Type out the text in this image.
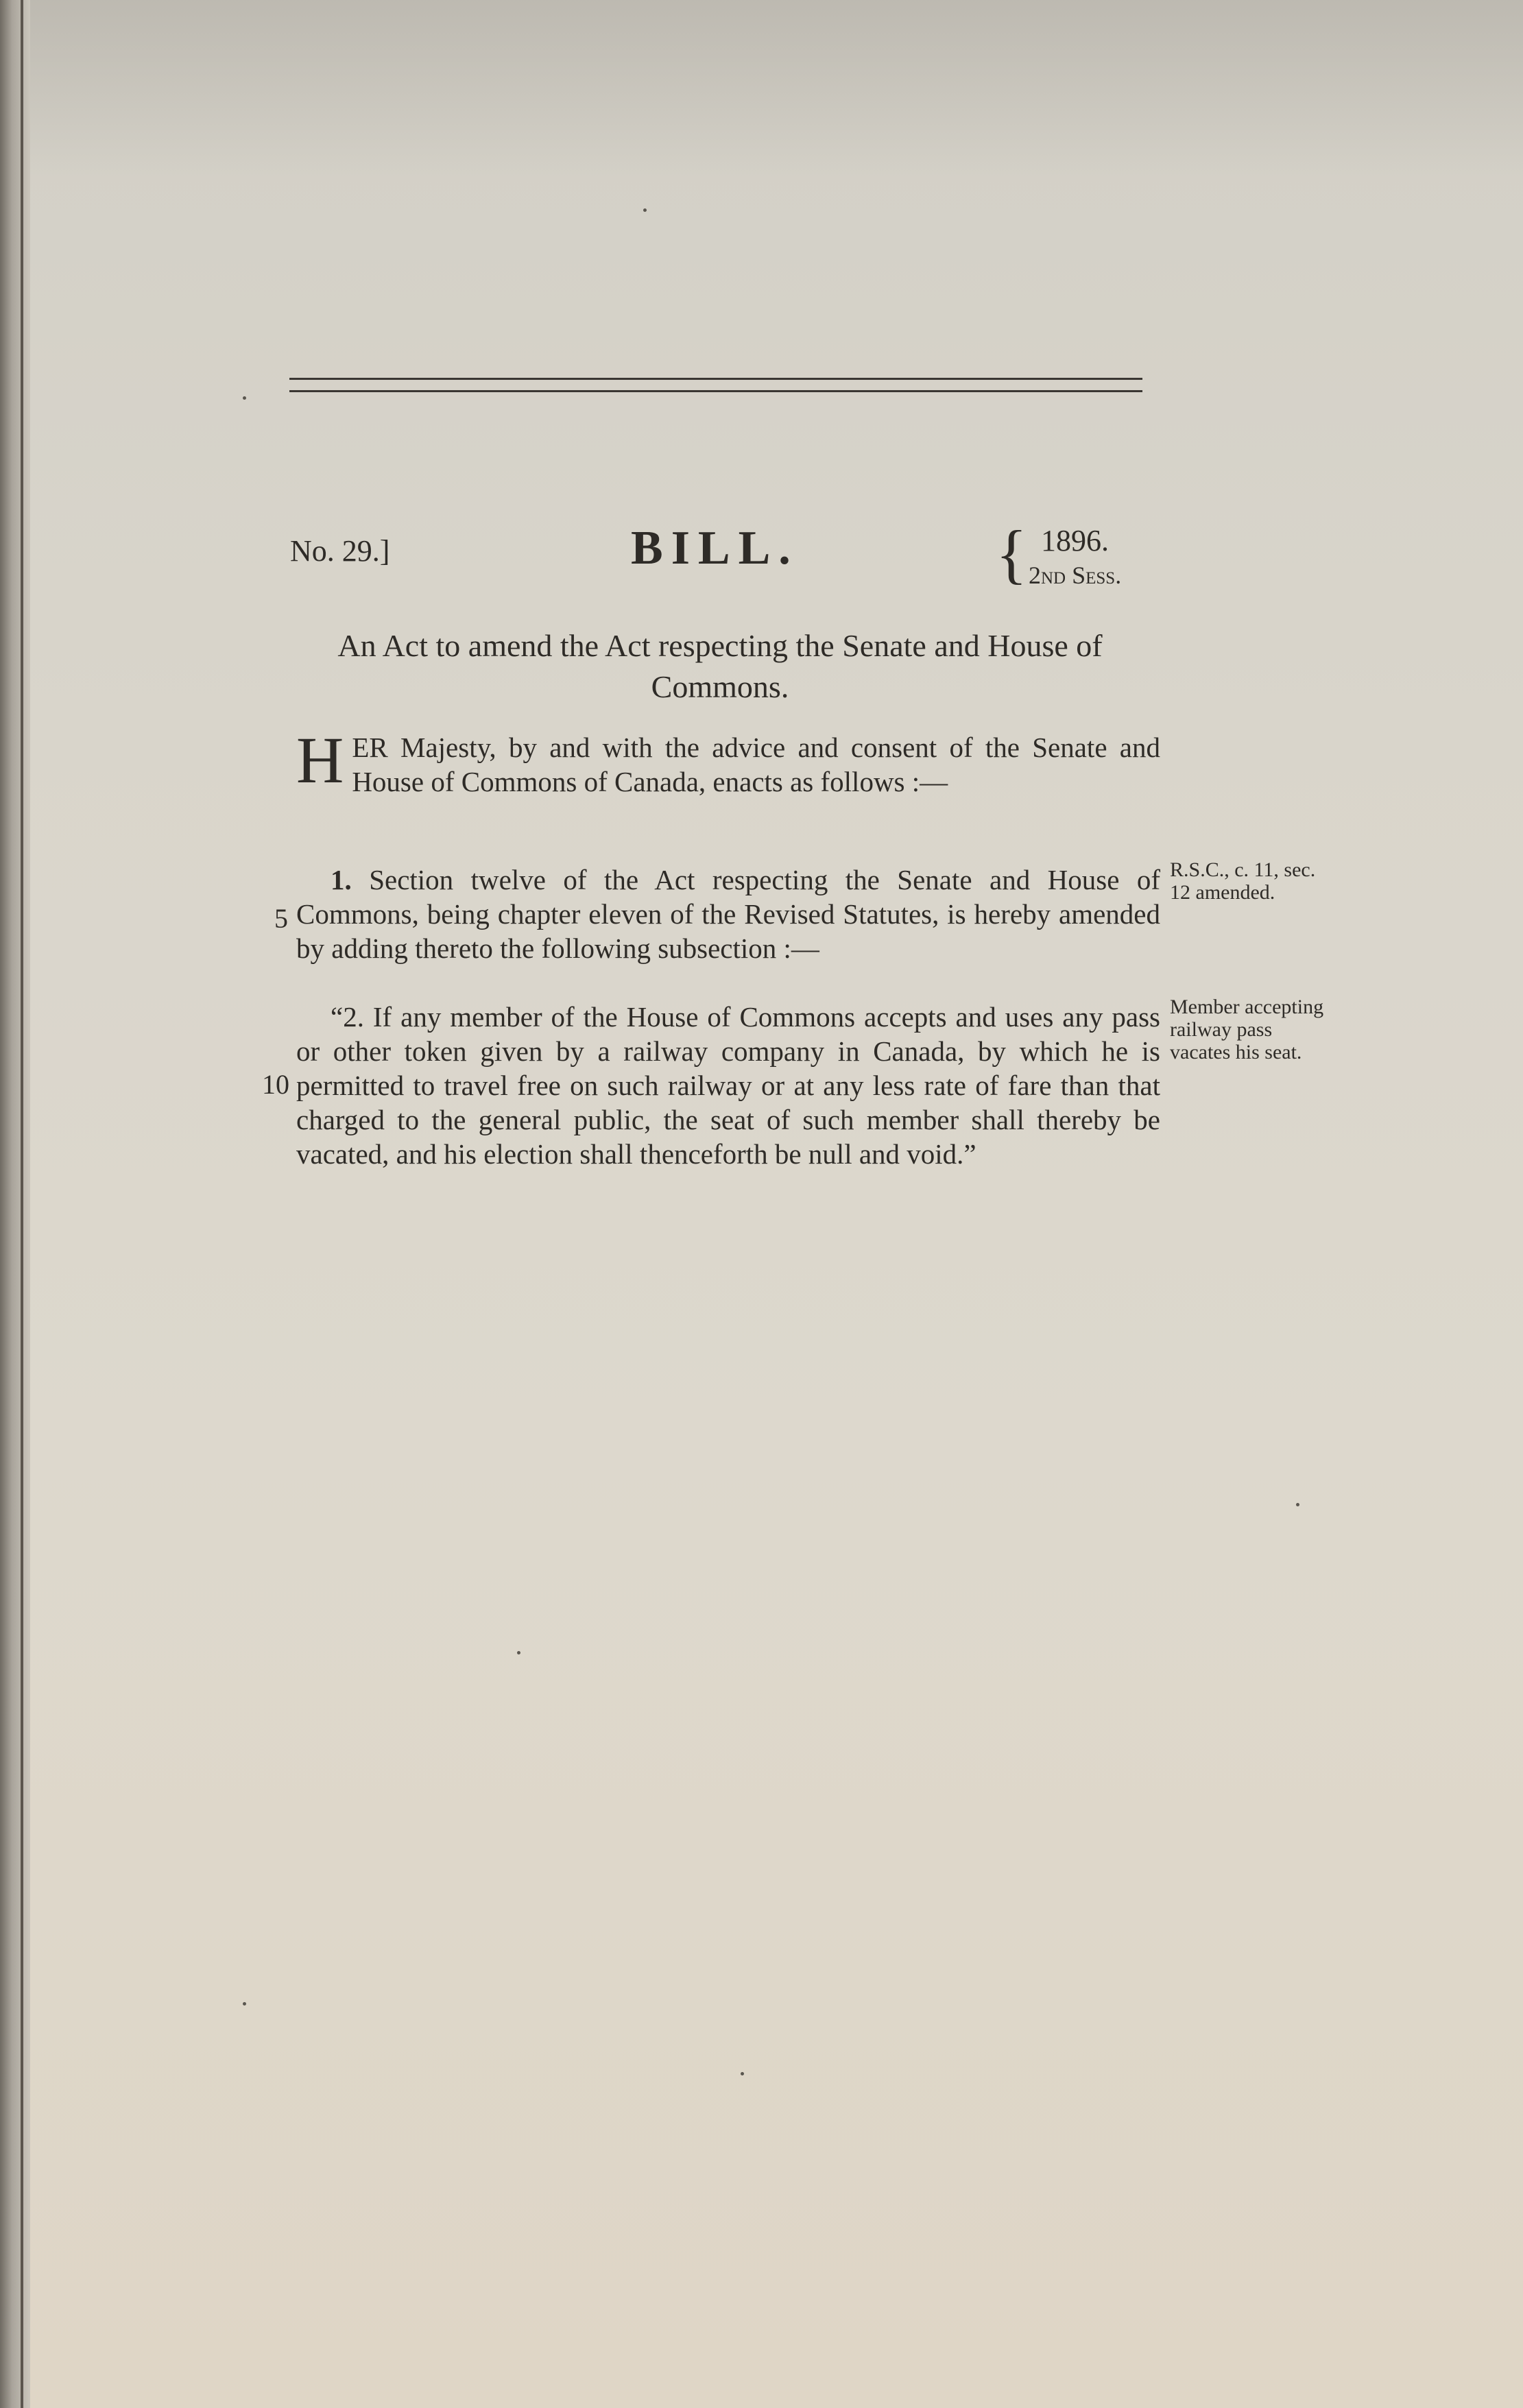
No. 29.]	BILL.	{ 1896.
2nd Sess.
An Act to amend the Act respecting the Senate and House of Commons.
HER Majesty, by and with the advice and consent of the Senate and House of Commons of Canada, enacts as follows :—
1. Section twelve of the Act respecting the Senate and House of Commons, being chapter eleven of the Revised Statutes, is hereby amended by adding thereto the following subsection :—
“2. If any member of the House of Commons accepts and uses any pass or other token given by a railway company in Canada, by which he is permitted to travel free on such railway or at any less rate of fare than that charged to the general public, the seat of such member shall thereby be vacated, and his election shall thenceforth be null and void.”
5
10
R.S.C., c. 11, sec. 12 amended.
Member accepting railway pass vacates his seat.
